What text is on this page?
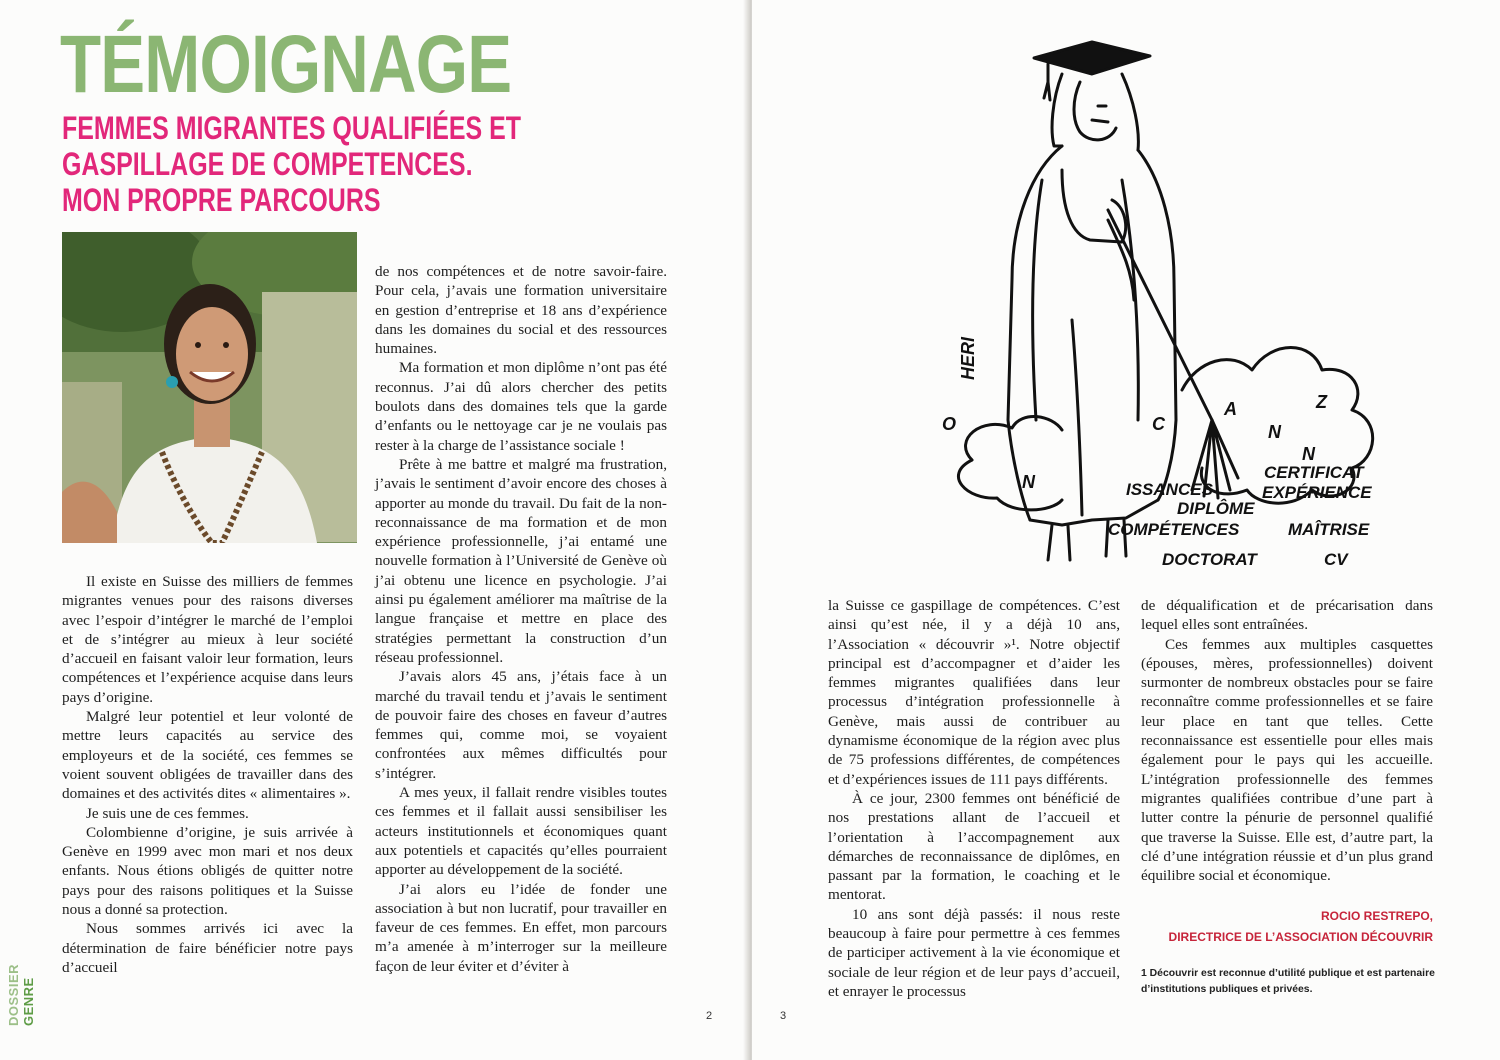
TÉMOIGNAGE
FEMMES MIGRANTES QUALIFIÉES ET
GASPILLAGE DE COMPETENCES.
MON PROPRE PARCOURS

Il existe en Suisse des milliers de femmes migrantes venues pour des raisons diverses avec l’espoir d’intégrer le marché de l’emploi et de s’intégrer au mieux à leur société d’accueil en faisant valoir leur formation, leurs compétences et l’expérience acquise dans leurs pays d’origine.

Malgré leur potentiel et leur volonté de mettre leurs capacités au service des employeurs et de la société, ces femmes se voient souvent obligées de travailler dans des domaines et des activités dites « alimentaires ».

Je suis une de ces femmes.

Colombienne d’origine, je suis arrivée à Genève en 1999 avec mon mari et nos deux enfants. Nous étions obligés de quitter notre pays pour des raisons politiques et la Suisse nous a donné sa protection.

Nous sommes arrivés ici avec la détermination de faire bénéficier notre pays d’accueil

de nos compétences et de notre savoir-faire. Pour cela, j’avais une formation universitaire en gestion d’entreprise et 18 ans d’expérience dans les domaines du social et des ressources humaines.

Ma formation et mon diplôme n’ont pas été reconnus. J’ai dû alors chercher des petits boulots dans des domaines tels que la garde d’enfants ou le nettoyage car je ne voulais pas rester à la charge de l’assistance sociale !

Prête à me battre et malgré ma frustration, j’avais le sentiment d’avoir encore des choses à apporter au monde du travail. Du fait de la non-reconnaissance de ma formation et de mon expérience professionnelle, j’ai entamé une nouvelle formation à l’Université de Genève où j’ai obtenu une licence en psychologie. J’ai ainsi pu également améliorer ma maîtrise de la langue française et mettre en place des stratégies permettant la construction d’un réseau professionnel.

J’avais alors 45 ans, j’étais face à un marché du travail tendu et j’avais le sentiment de pouvoir faire des choses en faveur d’autres femmes qui, comme moi, se voyaient confrontées aux mêmes difficultés pour s’intégrer.

A mes yeux, il fallait rendre visibles toutes ces femmes et il fallait aussi sensibiliser les acteurs institutionnels et économiques quant aux potentiels et capacités qu’elles pourraient apporter au développement de la société.

J’ai alors eu l’idée de fonder une association à but non lucratif, pour travailler en faveur de ces femmes. En effet, mon parcours m’a amenée à m’interroger sur la meilleure façon de leur éviter et d’éviter à

DOSSIER GENRE	2
O
N
C
A
N
N
Z
HERI
CERTIFICAT
ISSANCES	EXPÉRIENCE
DIPLÔME
COMPÉTENCES	MAÎTRISE
DOCTORAT	CV

la Suisse ce gaspillage de compétences. C’est ainsi qu’est née, il y a déjà 10 ans, l’Association « découvrir »¹. Notre objectif principal est d’accompagner et d’aider les femmes migrantes qualifiées dans leur processus d’intégration professionnelle à Genève, mais aussi de contribuer au dynamisme économique de la région avec plus de 75 professions différentes, de compétences et d’expériences issues de 111 pays différents.

À ce jour, 2300 femmes ont bénéficié de nos prestations allant de l’accueil et l’orientation à l’accompagnement aux démarches de reconnaissance de diplômes, en passant par la formation, le coaching et le mentorat.

10 ans sont déjà passés: il nous reste beaucoup à faire pour permettre à ces femmes de participer activement à la vie économique et sociale de leur région et de leur pays d’accueil, et enrayer le processus

de déqualification et de précarisation dans lequel elles sont entraînées.

Ces femmes aux multiples casquettes (épouses, mères, professionnelles) doivent surmonter de nombreux obstacles pour se faire reconnaître comme professionnelles et se faire leur place en tant que telles. Cette reconnaissance est essentielle pour elles mais également pour le pays qui les accueille. L’intégration professionnelle des femmes migrantes qualifiées contribue d’une part à lutter contre la pénurie de personnel qualifié que traverse la Suisse. Elle est, d’autre part, la clé d’une intégration réussie et d’un plus grand équilibre social et économique.

ROCIO RESTREPO,
DIRECTRICE DE L’ASSOCIATION DÉCOUVRIR
1 Découvrir est reconnue d’utilité publique et est partenaire d’institutions publiques et privées.
3
